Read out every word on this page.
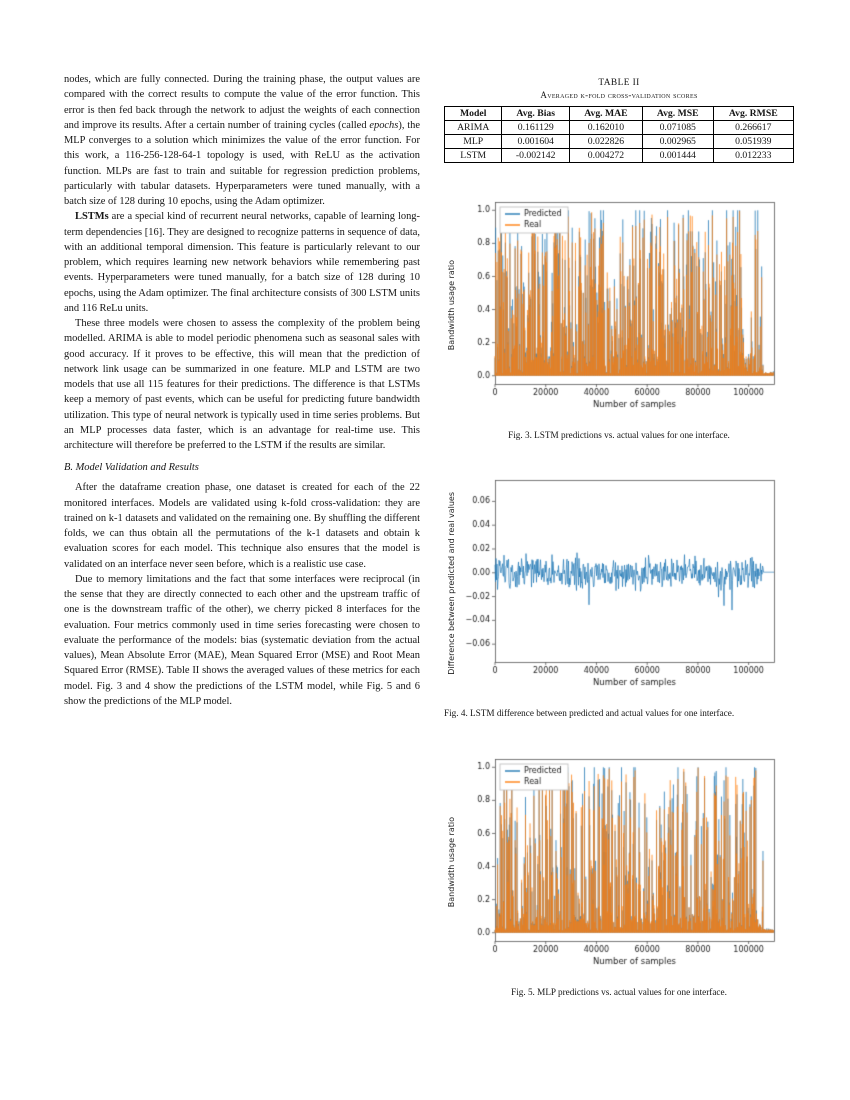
nodes, which are fully connected. During the training phase, the output values are compared with the correct results to compute the value of the error function. This error is then fed back through the network to adjust the weights of each connection and improve its results. After a certain number of training cycles (called epochs), the MLP converges to a solution which minimizes the value of the error function. For this work, a 116-256-128-64-1 topology is used, with ReLU as the activation function. MLPs are fast to train and suitable for regression prediction problems, particularly with tabular datasets. Hyperparameters were tuned manually, with a batch size of 128 during 10 epochs, using the Adam optimizer.

LSTMs are a special kind of recurrent neural networks, capable of learning long-term dependencies [16]. They are designed to recognize patterns in sequence of data, with an additional temporal dimension. This feature is particularly relevant to our problem, which requires learning new network behaviors while remembering past events. Hyperparameters were tuned manually, for a batch size of 128 during 10 epochs, using the Adam optimizer. The final architecture consists of 300 LSTM units and 116 ReLu units.

These three models were chosen to assess the complexity of the problem being modelled. ARIMA is able to model periodic phenomena such as seasonal sales with good accuracy. If it proves to be effective, this will mean that the prediction of network link usage can be summarized in one feature. MLP and LSTM are two models that use all 115 features for their predictions. The difference is that LSTMs keep a memory of past events, which can be useful for predicting future bandwidth utilization. This type of neural network is typically used in time series problems. But an MLP processes data faster, which is an advantage for real-time use. This architecture will therefore be preferred to the LSTM if the results are similar.

B. Model Validation and Results

After the dataframe creation phase, one dataset is created for each of the 22 monitored interfaces. Models are validated using k-fold cross-validation: they are trained on k-1 datasets and validated on the remaining one. By shuffling the different folds, we can thus obtain all the permutations of the k-1 datasets and obtain k evaluation scores for each model. This technique also ensures that the model is validated on an interface never seen before, which is a realistic use case.

Due to memory limitations and the fact that some interfaces were reciprocal (in the sense that they are directly connected to each other and the upstream traffic of one is the downstream traffic of the other), we cherry picked 8 interfaces for the evaluation. Four metrics commonly used in time series forecasting were chosen to evaluate the performance of the models: bias (systematic deviation from the actual values), Mean Absolute Error (MAE), Mean Squared Error (MSE) and Root Mean Squared Error (RMSE). Table II shows the averaged values of these metrics for each model. Fig. 3 and 4 show the predictions of the LSTM model, while Fig. 5 and 6 show the predictions of the MLP model.

TABLE II

Averaged k-fold cross-validation scores

Model	Avg. Bias	Avg. MAE	Avg. MSE	Avg. RMSE
ARIMA	0.161129	0.162010	0.071085	0.266617
MLP	0.001604	0.022826	0.002965	0.051939
LSTM	-0.002142	0.004272	0.001444	0.012233
Bandwidth usage ratio

Fig. 3. LSTM predictions vs. actual values for one interface.

Difference between predicted and real values

Fig. 4. LSTM difference between predicted and actual values for one interface.

Bandwidth usage ratio

Fig. 5. MLP predictions vs. actual values for one interface.
